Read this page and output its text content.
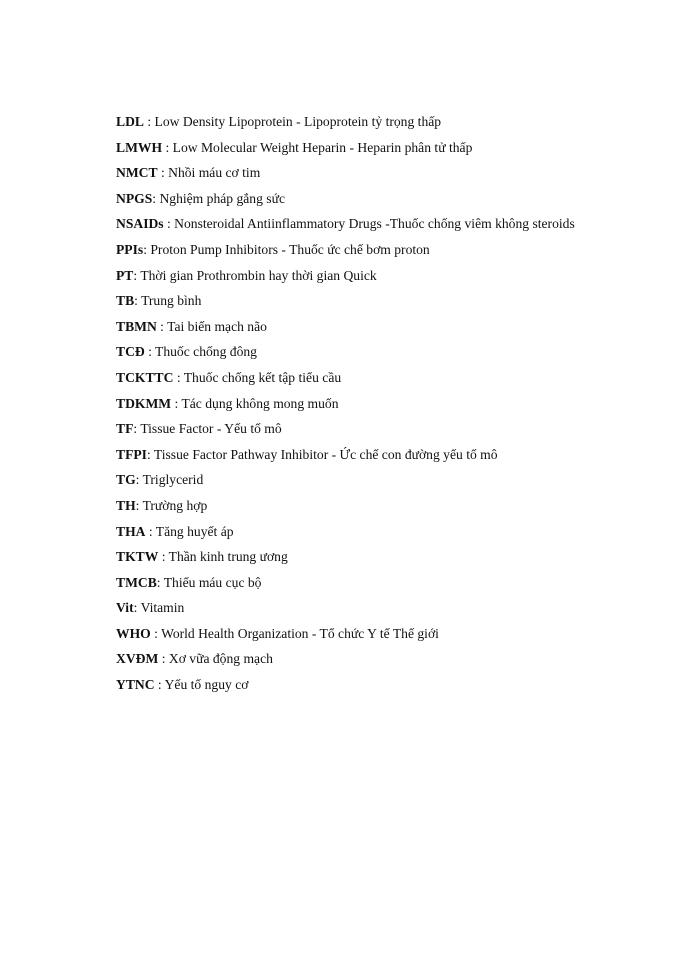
LDL : Low Density Lipoprotein - Lipoprotein tỷ trọng thấp
LMWH : Low Molecular Weight Heparin - Heparin phân tử thấp
NMCT : Nhồi máu cơ tim
NPGS: Nghiệm pháp gắng sức
NSAIDs : Nonsteroidal Antiinflammatory Drugs -Thuốc chống viêm không steroids
PPIs: Proton Pump Inhibitors - Thuốc ức chế bơm proton
PT: Thời gian Prothrombin hay thời gian Quick
TB: Trung bình
TBMN : Tai biến mạch não
TCĐ : Thuốc chống đông
TCKTTC : Thuốc chống kết tập tiểu cầu
TDKMM : Tác dụng không mong muốn
TF: Tissue Factor - Yếu tố mô
TFPI: Tissue Factor Pathway Inhibitor - Ức chế con đường yếu tố mô
TG: Triglycerid
TH: Trường hợp
THA : Tăng huyết áp
TKTW : Thần kinh trung ương
TMCB: Thiếu máu cục bộ
Vit: Vitamin
WHO : World Health Organization - Tổ chức Y tế Thế giới
XVĐM : Xơ vữa động mạch
YTNC : Yếu tố nguy cơ
